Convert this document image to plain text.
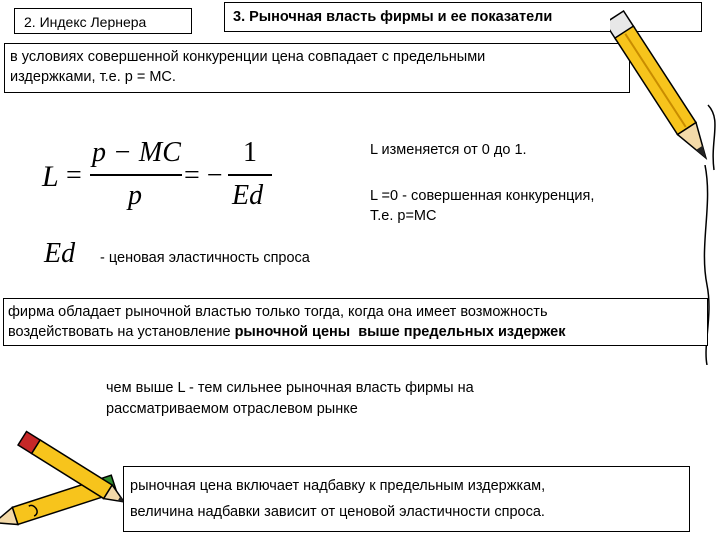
2. Индекс Лернера	3. Рыночная власть фирмы и ее показатели
в условиях совершенной конкуренции цена совпадает с предельными
издержками, т.е. p = MC.
L =
p − MC
p
= −
1
Ed
Ed - ценовая эластичность спроса
L изменяется от 0 до 1.
L =0 - совершенная конкуренция,
Т.е. p=MC
фирма обладает рыночной властью только тогда, когда она имеет возможность
воздействовать на установление рыночной цены выше предельных издержек
чем выше L - тем сильнее рыночная власть фирмы на
рассматриваемом отраслевом рынке
рыночная цена включает надбавку к предельным издержкам,
величина надбавки зависит от ценовой эластичности спроса.
